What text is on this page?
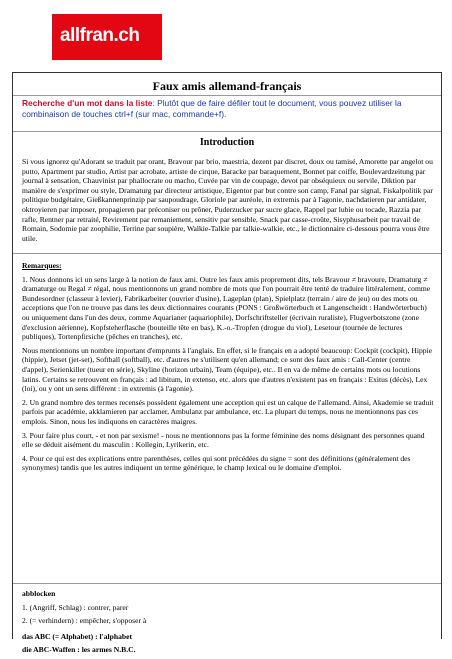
allfran.ch
Faux amis allemand-français
Recherche d'un mot dans la liste: Plutôt que de faire défiler tout le document, vous pouvez utiliser la combinaison de touches ctrl+f (sur mac, commande+f).
Introduction

Si vous ignorez qu'Adorant se traduit par orant, Bravour par brio, maestria, dezent par discret, doux ou tamisé, Amorette par angelot ou putto, Apartment par studio, Artist par acrobate, artiste de cirque, Baracke par baraquement, Bonnet par coiffe, Boulevardzeitung par journal à sensation, Chauvinist par phallocrate ou macho, Cuvée par vin de coupage, devot par obséquieux ou servile, Diktion par manière de s'exprimer ou style, Dramaturg par directeur artistique, Eigentor par but contre son camp, Fanal par signal, Fiskalpolitik par politique budgétaire, Gießkannenprinzip par saupoudrage, Gloriole par auréole, in extremis par à l'agonie, nachdatieren par antidater, oktroyieren par imposer, propagieren par préconiser ou prôner, Puderzucker par sucre glace, Rappel par lubie ou tocade, Razzia par rafle, Rentner par retraité, Revirement par remaniement, sensitiv par sensible, Snack par casse-croûte, Sisyphusarbeit par travail de Romain, Sodomie par zoophilie, Terrine par soupière, Walkie-Talkie par talkie-walkie, etc., le dictionnaire ci-dessous pourra vous être utile.

Remarques:

1. Nous donnons ici un sens large à la notion de faux ami. Outre les faux amis proprement dits, tels Bravour ≠ bravoure, Dramaturg ≠ dramaturge ou Regal ≠ régal, nous mentionnons un grand nombre de mots que l'on pourrait être tenté de traduire littéralement, comme Bundesordner (classeur à levier), Fabrikarbeiter (ouvrier d'usine), Lageplan (plan), Spielplatz (terrain / aire de jeu) ou des mots ou acceptions que l'on ne trouve pas dans les deux dictionnaires courants (PONS : Großwörterbuch et Langenscheidt : Handwörterbuch) ou uniquement dans l'un des deux, comme Aquarianer (aquariophile), Dorfschriftsteller (écrivain ruraliste), Flugverbotszone (zone d'exclusion aérienne), Kopfsteherflasche (bouteille tête en bas), K.-o.-Tropfen (drogue du viol), Lesetour (tournée de lectures publiques), Tortenpfirsiche (pêches en tranches), etc.

Nous mentionnons un nombre important d'emprunts à l'anglais. En effet, si le français en a adopté beaucoup: Cockpit (cockpit), Hippie (hippie), Jetset (jet-set), Softball (softball), etc. d'autres ne s'utilisent qu'en allemand; ce sont des faux amis : Call-Center (centre d'appel), Serienkiller (tueur en série), Skyline (horizon urbain), Team (équipe), etc.. Il en va de même de certains mots ou locutions latins. Certains se retrouvent en français : ad libitum, in extenso, etc. alors que d'autres n'existent pas en français : Exitus (décès), Lex (loi), ou y ont un sens différent : in extremis (à l'agonie).

2. Un grand nombre des termes recensés possèdent également une acception qui est un calque de l'allemand. Ainsi, Akademie se traduit parfois par académie, akklamieren par acclamer, Ambulanz par ambulance, etc. La plupart du temps, nous ne mentionnons pas ces emplois. Sinon, nous les indiquons en caractères maigres.

3. Pour faire plus court, - et non par sexisme! - nous ne mentionnons pas la forme féminine des noms désignant des personnes quand elle se déduit aisément du masculin : Kollegin, Lyrikerin, etc.

4. Pour ce qui est des explications entre parenthèses, celles qui sont précédées du signe = sont des définitions (généralement des synonymes) tandis que les autres indiquent un terme générique, le champ lexical ou le domaine d'emploi.

abblocken

1. (Angriff, Schlag) : contrer, parer

2. (= verhindern) : empêcher, s'opposer à

das ABC (= Alphabet) : l'alphabet

die ABC-Waffen : les armes N.B.C.
